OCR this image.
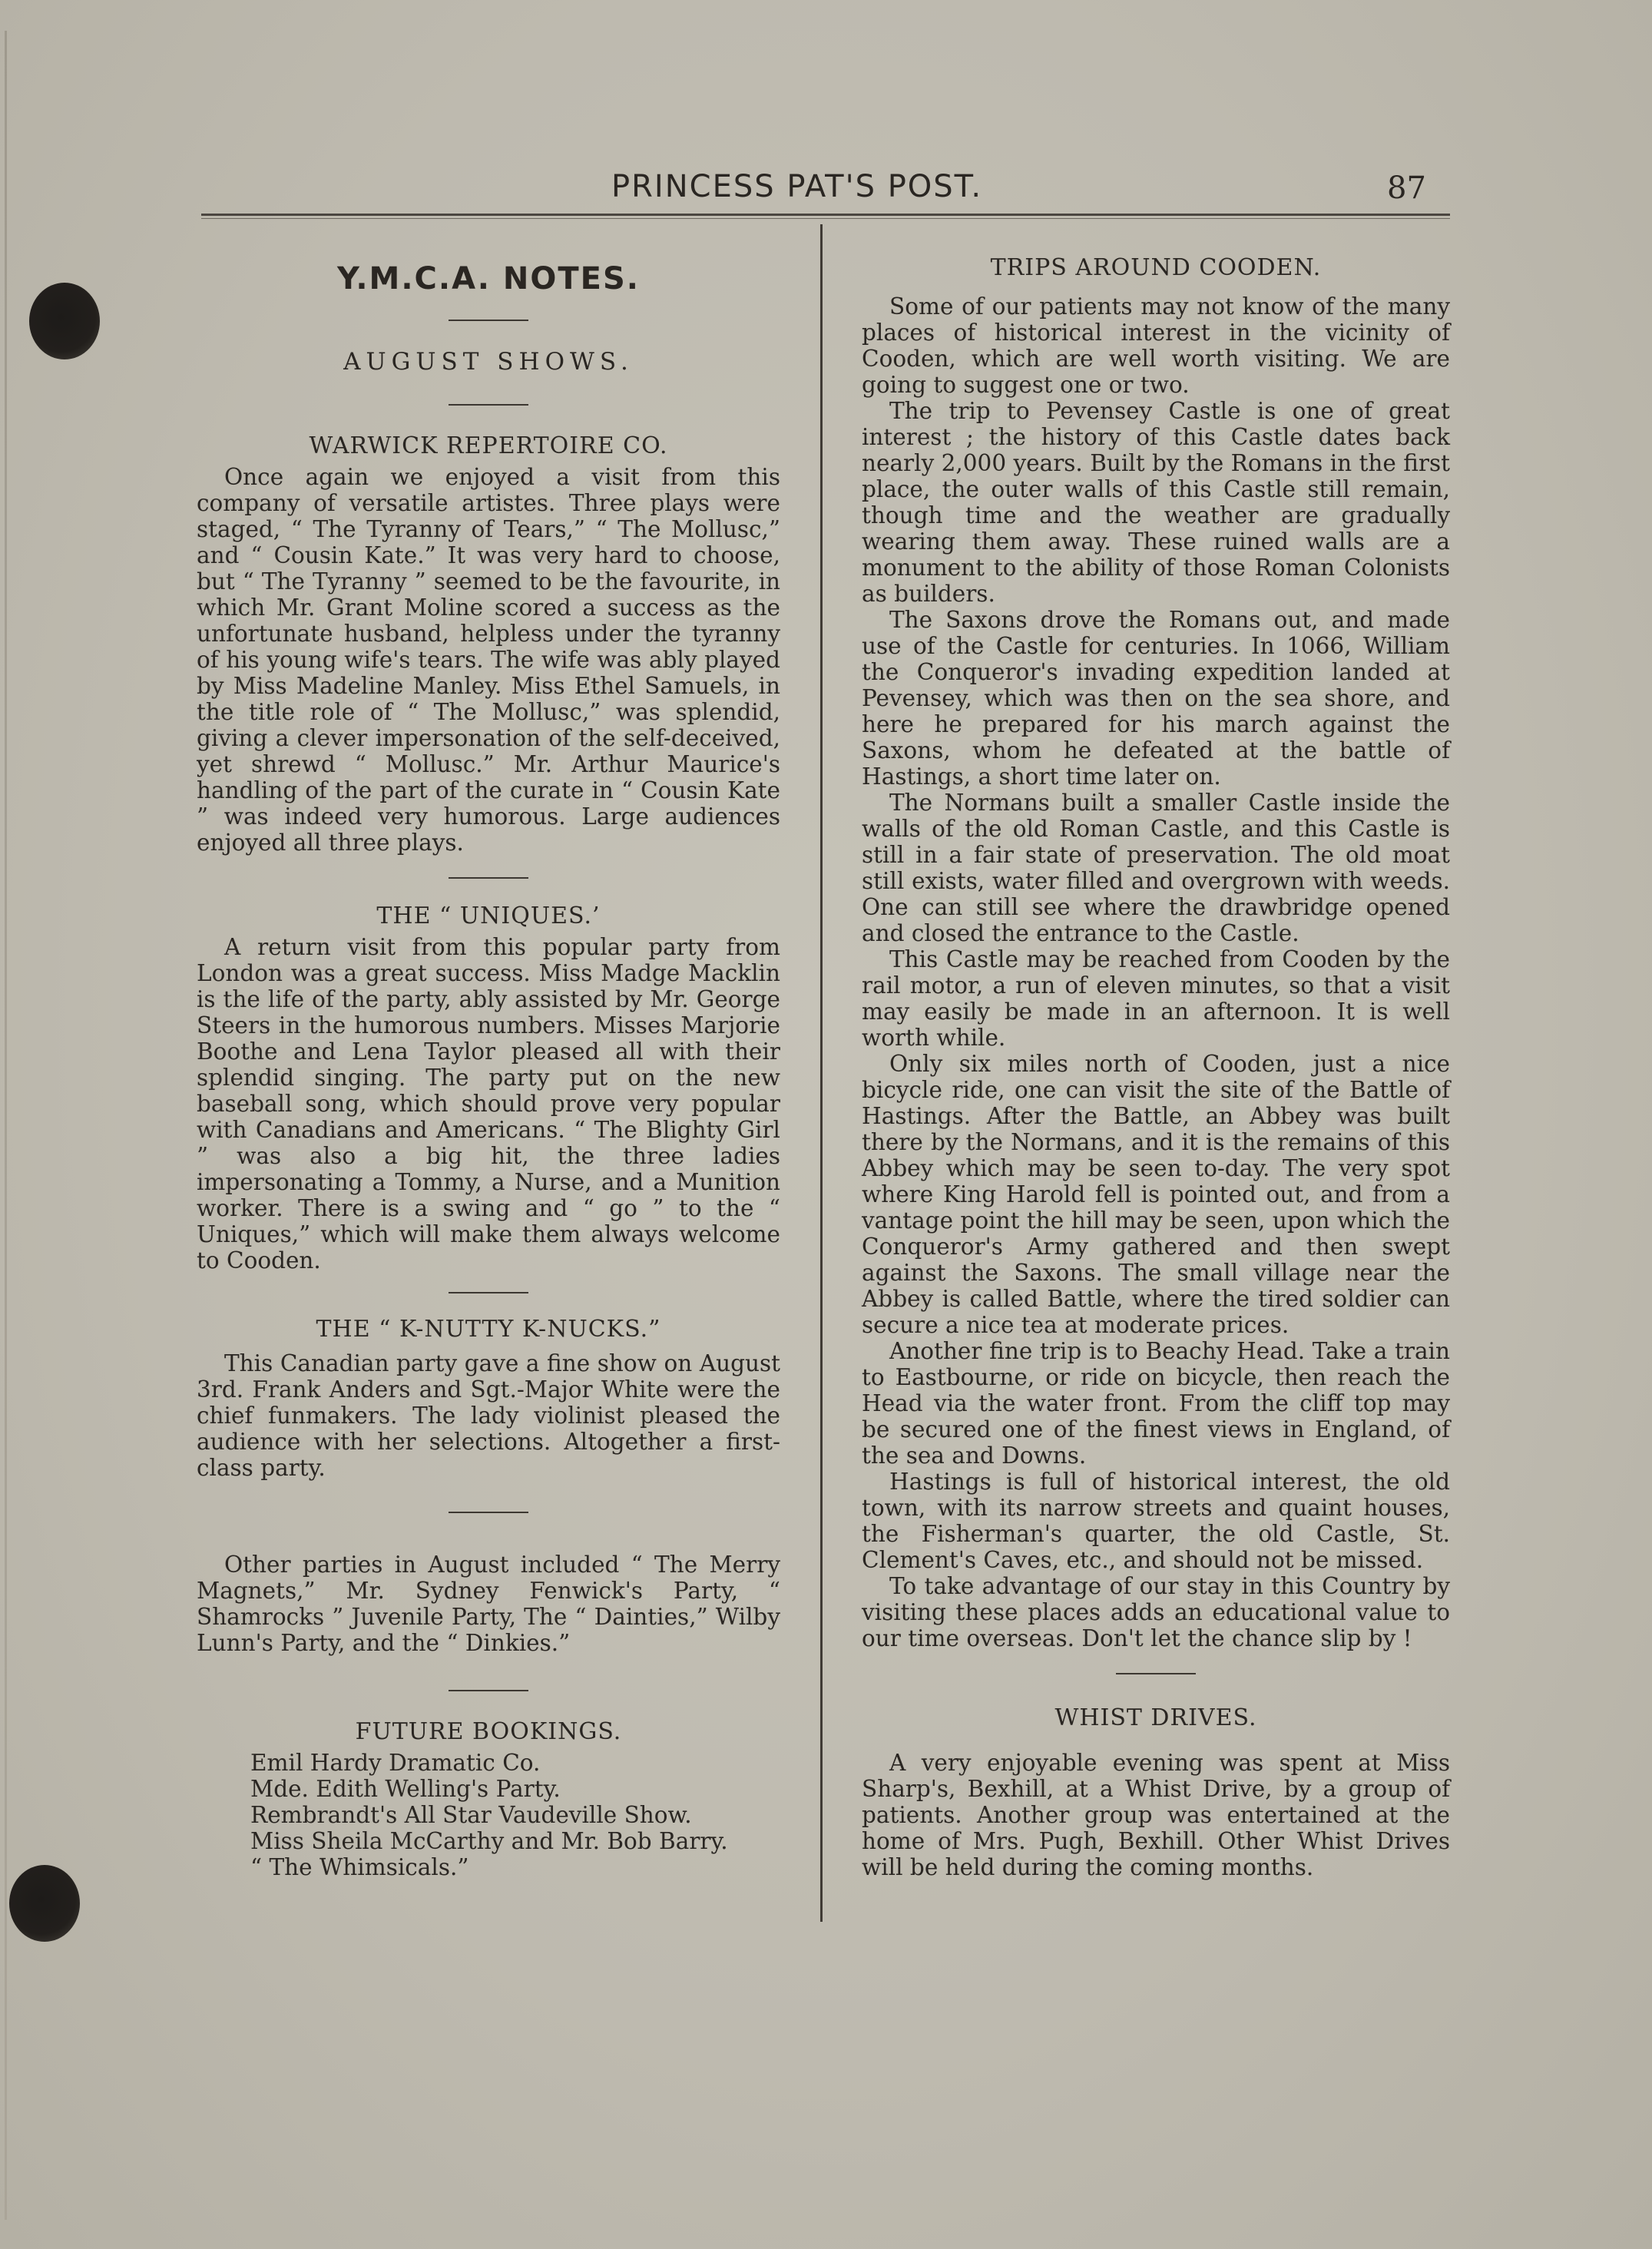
PRINCESS PAT'S POST.	87
Y.M.C.A. NOTES.
AUGUST SHOWS.
WARWICK REPERTOIRE CO.

Once again we enjoyed a visit from this company of versatile artistes. Three plays were staged, “ The Tyranny of Tears,” “ The Mollusc,” and “ Cousin Kate.” It was very hard to choose, but “ The Tyranny ” seemed to be the favourite, in which Mr. Grant Moline scored a success as the unfortunate husband, helpless under the tyranny of his young wife's tears. The wife was ably played by Miss Madeline Manley. Miss Ethel Samuels, in the title role of “ The Mollusc,” was splendid, giving a clever impersonation of the self-deceived, yet shrewd “ Mollusc.” Mr. Arthur Maurice's handling of the part of the curate in “ Cousin Kate ” was indeed very humorous. Large audiences enjoyed all three plays.

THE “ UNIQUES.’

A return visit from this popular party from London was a great success. Miss Madge Macklin is the life of the party, ably assisted by Mr. George Steers in the humorous numbers. Misses Marjorie Boothe and Lena Taylor pleased all with their splendid singing. The party put on the new baseball song, which should prove very popular with Canadians and Americans. “ The Blighty Girl ” was also a big hit, the three ladies impersonating a Tommy, a Nurse, and a Munition worker. There is a swing and “ go ” to the “ Uniques,” which will make them always welcome to Cooden.

THE “ K-NUTTY K-NUCKS.”

This Canadian party gave a fine show on August 3rd. Frank Anders and Sgt.-Major White were the chief funmakers. The lady violinist pleased the audience with her selections. Altogether a first-class party.

Other parties in August included “ The Merry Magnets,” Mr. Sydney Fenwick's Party, “ Shamrocks ” Juvenile Party, The “ Dainties,” Wilby Lunn's Party, and the “ Dinkies.”

FUTURE BOOKINGS.

Emil Hardy Dramatic Co.

Mde. Edith Welling's Party.

Rembrandt's All Star Vaudeville Show.

Miss Sheila McCarthy and Mr. Bob Barry.

“ The Whimsicals.”

TRIPS AROUND COODEN.

Some of our patients may not know of the many places of historical interest in the vicinity of Cooden, which are well worth visiting. We are going to suggest one or two.

The trip to Pevensey Castle is one of great interest ; the history of this Castle dates back nearly 2,000 years. Built by the Romans in the first place, the outer walls of this Castle still remain, though time and the weather are gradually wearing them away. These ruined walls are a monument to the ability of those Roman Colonists as builders.

The Saxons drove the Romans out, and made use of the Castle for centuries. In 1066, William the Conqueror's invading expedition landed at Pevensey, which was then on the sea shore, and here he prepared for his march against the Saxons, whom he defeated at the battle of Hastings, a short time later on.

The Normans built a smaller Castle inside the walls of the old Roman Castle, and this Castle is still in a fair state of preservation. The old moat still exists, water filled and overgrown with weeds. One can still see where the drawbridge opened and closed the entrance to the Castle.

This Castle may be reached from Cooden by the rail motor, a run of eleven minutes, so that a visit may easily be made in an afternoon. It is well worth while.

Only six miles north of Cooden, just a nice bicycle ride, one can visit the site of the Battle of Hastings. After the Battle, an Abbey was built there by the Normans, and it is the remains of this Abbey which may be seen to-day. The very spot where King Harold fell is pointed out, and from a vantage point the hill may be seen, upon which the Conqueror's Army gathered and then swept against the Saxons. The small village near the Abbey is called Battle, where the tired soldier can secure a nice tea at moderate prices.

Another fine trip is to Beachy Head. Take a train to Eastbourne, or ride on bicycle, then reach the Head via the water front. From the cliff top may be secured one of the finest views in England, of the sea and Downs.

Hastings is full of historical interest, the old town, with its narrow streets and quaint houses, the Fisherman's quarter, the old Castle, St. Clement's Caves, etc., and should not be missed.

To take advantage of our stay in this Country by visiting these places adds an educational value to our time overseas. Don't let the chance slip by !

WHIST DRIVES.

A very enjoyable evening was spent at Miss Sharp's, Bexhill, at a Whist Drive, by a group of patients. Another group was entertained at the home of Mrs. Pugh, Bexhill. Other Whist Drives will be held during the coming months.
